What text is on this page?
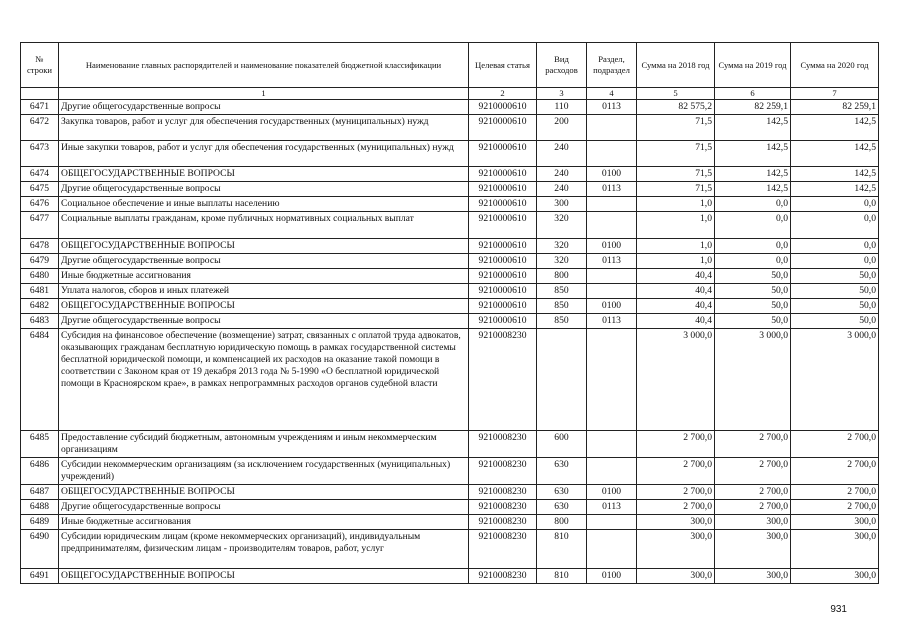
№ строки	Наименование главных распорядителей и наименование показателей бюджетной классификации	Целевая статья	Вид расходов	Раздел, подраздел	Сумма на 2018 год	Сумма на 2019 год	Сумма на 2020 год
	1	2	3	4	5	6	7
6471	Другие общегосударственные вопросы	9210000610	110	0113	82 575,2	82 259,1	82 259,1
6472	Закупка товаров, работ и услуг для обеспечения государственных (муниципальных) нужд	9210000610	200		71,5	142,5	142,5
6473	Иные закупки товаров, работ и услуг для обеспечения государственных (муниципальных) нужд	9210000610	240		71,5	142,5	142,5
6474	ОБЩЕГОСУДАРСТВЕННЫЕ ВОПРОСЫ	9210000610	240	0100	71,5	142,5	142,5
6475	Другие общегосударственные вопросы	9210000610	240	0113	71,5	142,5	142,5
6476	Социальное обеспечение и иные выплаты населению	9210000610	300		1,0	0,0	0,0
6477	Социальные выплаты гражданам, кроме публичных нормативных социальных выплат	9210000610	320		1,0	0,0	0,0
6478	ОБЩЕГОСУДАРСТВЕННЫЕ ВОПРОСЫ	9210000610	320	0100	1,0	0,0	0,0
6479	Другие общегосударственные вопросы	9210000610	320	0113	1,0	0,0	0,0
6480	Иные бюджетные ассигнования	9210000610	800		40,4	50,0	50,0
6481	Уплата налогов, сборов и иных платежей	9210000610	850		40,4	50,0	50,0
6482	ОБЩЕГОСУДАРСТВЕННЫЕ ВОПРОСЫ	9210000610	850	0100	40,4	50,0	50,0
6483	Другие общегосударственные вопросы	9210000610	850	0113	40,4	50,0	50,0
6484	Субсидия на финансовое обеспечение (возмещение) затрат, связанных с оплатой труда адвокатов, оказывающих гражданам бесплатную юридическую помощь в рамках государственной системы бесплатной юридической помощи, и компенсацией их расходов на оказание такой помощи в соответствии с Законом края от 19 декабря 2013 года № 5-1990 «О бесплатной юридической помощи в Красноярском крае», в рамках непрограммных расходов органов судебной власти	9210008230			3 000,0	3 000,0	3 000,0
6485	Предоставление субсидий бюджетным, автономным учреждениям и иным некоммерческим организациям	9210008230	600		2 700,0	2 700,0	2 700,0
6486	Субсидии некоммерческим организациям (за исключением государственных (муниципальных) учреждений)	9210008230	630		2 700,0	2 700,0	2 700,0
6487	ОБЩЕГОСУДАРСТВЕННЫЕ ВОПРОСЫ	9210008230	630	0100	2 700,0	2 700,0	2 700,0
6488	Другие общегосударственные вопросы	9210008230	630	0113	2 700,0	2 700,0	2 700,0
6489	Иные бюджетные ассигнования	9210008230	800		300,0	300,0	300,0
6490	Субсидии юридическим лицам (кроме некоммерческих организаций), индивидуальным предпринимателям, физическим лицам - производителям товаров, работ, услуг	9210008230	810		300,0	300,0	300,0
6491	ОБЩЕГОСУДАРСТВЕННЫЕ ВОПРОСЫ	9210008230	810	0100	300,0	300,0	300,0
931
